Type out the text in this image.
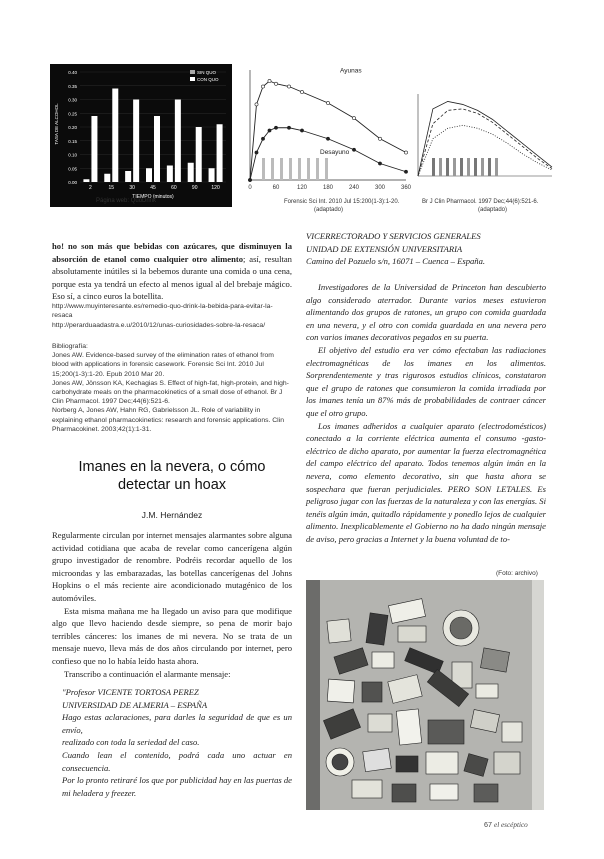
0.00
0.05
0.10
0.15
0.20
0.25
0.30
0.35
0.40
2	15	30	45	60	90	120
TIEMPO (minutos)
TASA DE ALCOHOL
SIN QUO
CON QUO
Página web: QuoDrink
0	60	120	180	240	300	360
Ayunas
Desayuno
Forensic Sci Int. 2010 Jul 15:200(1-3):1-20.
(adaptado)
Br J Clin Pharmacol. 1997 Dec;44(6):521-6.
(adaptado)

ho! no son más que bebidas con azúcares, que disminuyen la absorción de etanol como cualquier otro alimento; así, resultan absolutamente inútiles si la bebemos durante una comida o una cena, porque esta ya tendrá un efecto al menos igual al del brebaje mágico. Eso sí, a cinco euros la botellita.

http://www.muyinteresante.es/remedio-quo-drink-la-bebida-para-evitar-la-resaca
http://perarduaadastra.e.u/2010/12/unas-curiosidades-sobre-la-resaca/
Bibliografía:
Jones AW. Evidence-based survey of the elimination rates of ethanol from blood with applications in forensic casework. Forensic Sci Int. 2010 Jul 15;200(1-3):1-20. Epub 2010 Mar 20.
Jones AW, Jönsson KA, Kechagias S. Effect of high-fat, high-protein, and high-carbohydrate meals on the pharmacokinetics of a small dose of ethanol. Br J Clin Pharmacol. 1997 Dec;44(6):521-6.
Norberg A, Jones AW, Hahn RG, Gabrielsson JL. Role of variability in explaining ethanol pharmacokinetics: research and forensic applications. Clin Pharmacokinet. 2003;42(1):1-31.
Imanes en la nevera, o cómo detectar un hoax
J.M. Hernández

Regularmente circulan por internet mensajes alarmantes sobre alguna actividad cotidiana que acaba de revelar como cancerígena algún grupo investigador de renombre. Podréis recordar aquello de los microondas y las embarazadas, las botellas cancerígenas del Johns Hopkins o el más reciente aire acondicionado mutagénico de los automóviles.

Esta misma mañana me ha llegado un aviso para que modifique algo que llevo haciendo desde siempre, so pena de morir bajo terribles cánceres: los imanes de mi nevera. No se trata de un mensaje nuevo, lleva más de dos años circulando por internet, pero confieso que no lo había leído hasta ahora.

Transcribo a continuación el alarmante mensaje:

"Profesor VICENTE TORTOSA PEREZ

UNIVERSIDAD DE ALMERIA – ESPAÑA

Hago estas aclaraciones, para darles la seguridad de que es un envío,

realizado con toda la seriedad del caso.

Cuando lean el contenido, podrá cada uno actuar en consecuencia.

Por lo pronto retiraré los que por publicidad hay en las puertas de mi heladera y freezer.

VICERRECTORADO Y SERVICIOS GENERALES

UNIDAD DE EXTENSIÓN UNIVERSITARIA

Camino del Pozuelo s/n, 16071 – Cuenca – España.

Investigadores de la Universidad de Princeton han descubierto algo considerado aterrador. Durante varios meses estuvieron alimentando dos grupos de ratones, un grupo con comida guardada en una nevera, y el otro con comida guardada en una nevera pero con varios imanes decorativos pegados en su puerta.

El objetivo del estudio era ver cómo efectaban las radiaciones electromagnéticas de los imanes en los alimentos. Sorprendentemente y tras rigurosos estudios clínicos, constataron que el grupo de ratones que consumieron la comida irradiada por los imanes tenía un 87% más de probabilidades de contraer cáncer que el otro grupo.

Los imanes adheridos a cualquier aparato (electrodomésticos) conectado a la corriente eléctrica aumenta el consumo -gasto- eléctrico de dicho aparato, por aumentar la fuerza electromagnética del campo eléctrico del aparato. Todos tenemos algún imán en la nevera, como elemento decorativo, sin que hasta ahora se sospechara que fueran perjudiciales. PERO SON LETALES. Es peligroso jugar con las fuerzas de la naturaleza y con las energías. Si tenéis algún imán, quitadlo rápidamente y ponedlo lejos de cualquier alimento. Inexplicablemente el Gobierno no ha dado ningún mensaje de aviso, pero gracias a Internet y la buena voluntad de to-

(Foto: archivo)
67 el escéptico
